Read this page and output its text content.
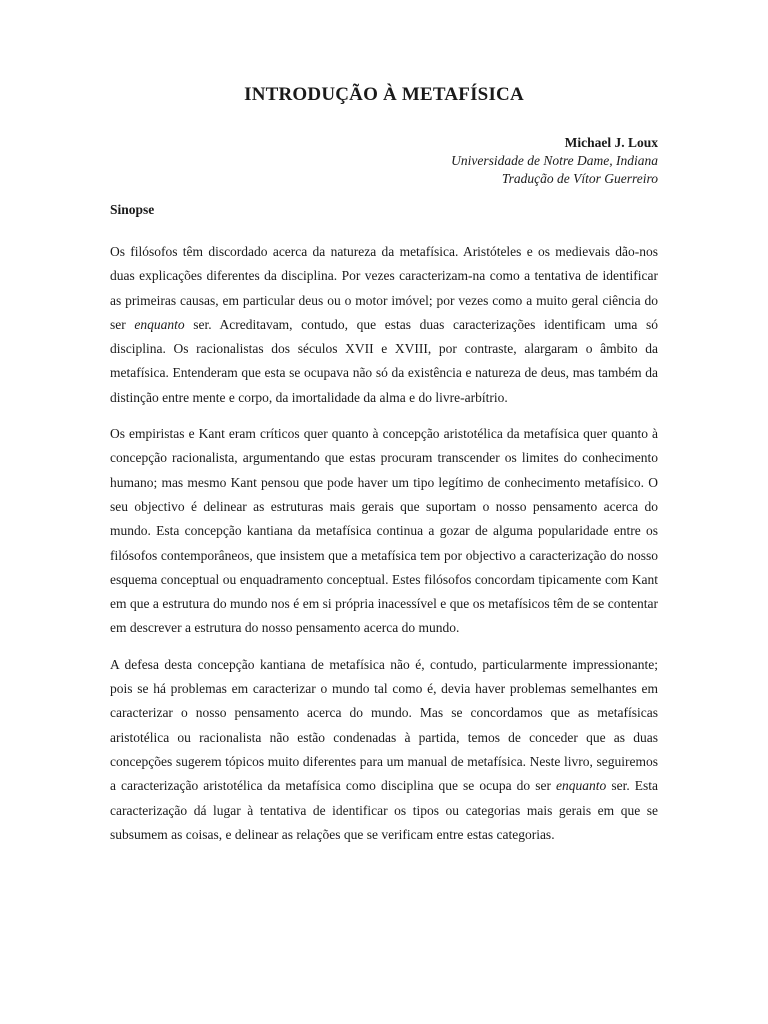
INTRODUÇÃO À METAFÍSICA
Michael J. Loux
Universidade de Notre Dame, Indiana
Tradução de Vítor Guerreiro
Sinopse

Os filósofos têm discordado acerca da natureza da metafísica. Aristóteles e os medievais dão-nos duas explicações diferentes da disciplina. Por vezes caracterizam-na como a tentativa de identificar as primeiras causas, em particular deus ou o motor imóvel; por vezes como a muito geral ciência do ser enquanto ser. Acreditavam, contudo, que estas duas caracterizações identificam uma só disciplina. Os racionalistas dos séculos XVII e XVIII, por contraste, alargaram o âmbito da metafísica. Entenderam que esta se ocupava não só da existência e natureza de deus, mas também da distinção entre mente e corpo, da imortalidade da alma e do livre-arbítrio.

Os empiristas e Kant eram críticos quer quanto à concepção aristotélica da metafísica quer quanto à concepção racionalista, argumentando que estas procuram transcender os limites do conhecimento humano; mas mesmo Kant pensou que pode haver um tipo legítimo de conhecimento metafísico. O seu objectivo é delinear as estruturas mais gerais que suportam o nosso pensamento acerca do mundo. Esta concepção kantiana da metafísica continua a gozar de alguma popularidade entre os filósofos contemporâneos, que insistem que a metafísica tem por objectivo a caracterização do nosso esquema conceptual ou enquadramento conceptual. Estes filósofos concordam tipicamente com Kant em que a estrutura do mundo nos é em si própria inacessível e que os metafísicos têm de se contentar em descrever a estrutura do nosso pensamento acerca do mundo.

A defesa desta concepção kantiana de metafísica não é, contudo, particularmente impressionante; pois se há problemas em caracterizar o mundo tal como é, devia haver problemas semelhantes em caracterizar o nosso pensamento acerca do mundo. Mas se concordamos que as metafísicas aristotélica ou racionalista não estão condenadas à partida, temos de conceder que as duas concepções sugerem tópicos muito diferentes para um manual de metafísica. Neste livro, seguiremos a caracterização aristotélica da metafísica como disciplina que se ocupa do ser enquanto ser. Esta caracterização dá lugar à tentativa de identificar os tipos ou categorias mais gerais em que se subsumem as coisas, e delinear as relações que se verificam entre estas categorias.
